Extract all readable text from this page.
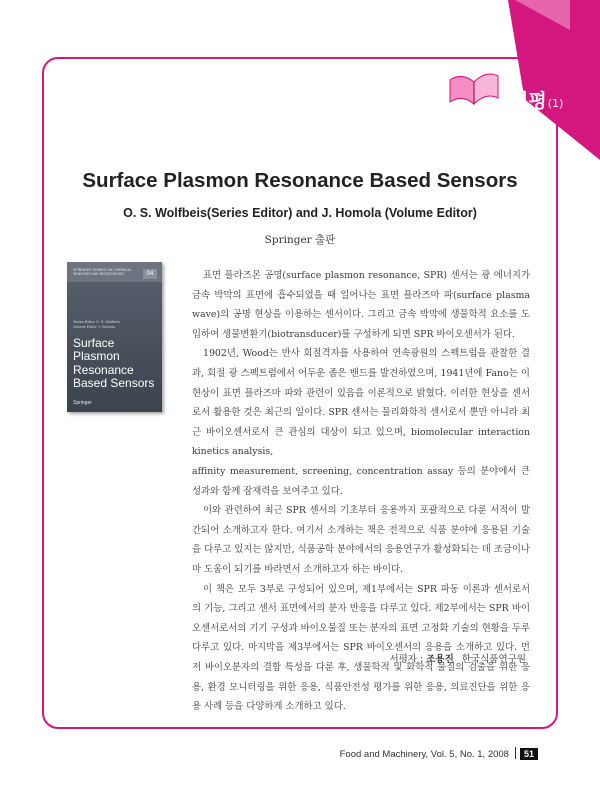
서평(1)
Surface Plasmon Resonance Based Sensors
O. S. Wolfbeis(Series Editor) and J. Homola (Volume Editor)
Springer 출판
SPRINGER SERIES ON CHEMICAL SENSORS AND BIOSENSORS	04
Series Editor O. S. Wolfbeis
Volume Editor J. Homola
Surface Plasmon Resonance Based Sensors
Springer

표면 플라즈몬 공명(surface plasmon resonance, SPR) 센서는 광 에너지가 금속 박막의 표면에 흡수되었을 때 일어나는 표면 플라즈마 파(surface plasma wave)의 공명 현상을 이용하는 센서이다. 그리고 금속 박막에 생물학적 요소를 도입하여 생물변환기(biotransducer)를 구성하게 되면 SPR 바이오센서가 된다.

1902년, Wood는 반사 회절격자를 사용하여 연속광원의 스펙트럼을 관찰한 결과, 회절 광 스펙트럼에서 어두운 좁은 밴드를 발견하였으며, 1941년에 Fano는 이 현상이 표면 플라즈마 파와 관련이 있음을 이론적으로 밝혔다. 이러한 현상을 센서로서 활용한 것은 최근의 일이다. SPR 센서는 물리화학적 센서로서 뿐만 아니라 최근 바이오센서로서 큰 관심의 대상이 되고 있으며, biomolecular interaction kinetics analysis,

affinity measurement, screening, concentration assay 등의 분야에서 큰 성과와 함께 잠재력을 보여주고 있다.

이와 관련하여 최근 SPR 센서의 기초부터 응용까지 포괄적으로 다룬 서적이 발간되어 소개하고자 한다. 여기서 소개하는 책은 전적으로 식품 분야에 응용된 기술을 다루고 있지는 않지만, 식품공학 분야에서의 응용연구가 활성화되는 데 조금이나마 도움이 되기를 바라면서 소개하고자 하는 바이다.

이 책은 모두 3부로 구성되어 있으며, 제1부에서는 SPR 파동 이론과 센서로서의 기능, 그리고 센서 표면에서의 분자 반응을 다루고 있다. 제2부에서는 SPR 바이오센서로서의 기기 구성과 바이오물질 또는 분자의 표면 고정화 기술의 현황을 두루 다루고 있다. 마지막을 제3부에서는 SPR 바이오센서의 응용을 소개하고 있다. 먼저 바이오분자의 결합 특성을 다룬 후, 생물학적 및 화학적 물질의 검출을 위한 응용, 환경 모니터링을 위한 응용, 식품안전성 평가를 위한 응용, 의료진단을 위한 응용 사례 등을 다양하게 소개하고 있다.

서평자 : 조용진 한국식품연구원
Food and Machinery, Vol. 5, No. 1, 2008 51
